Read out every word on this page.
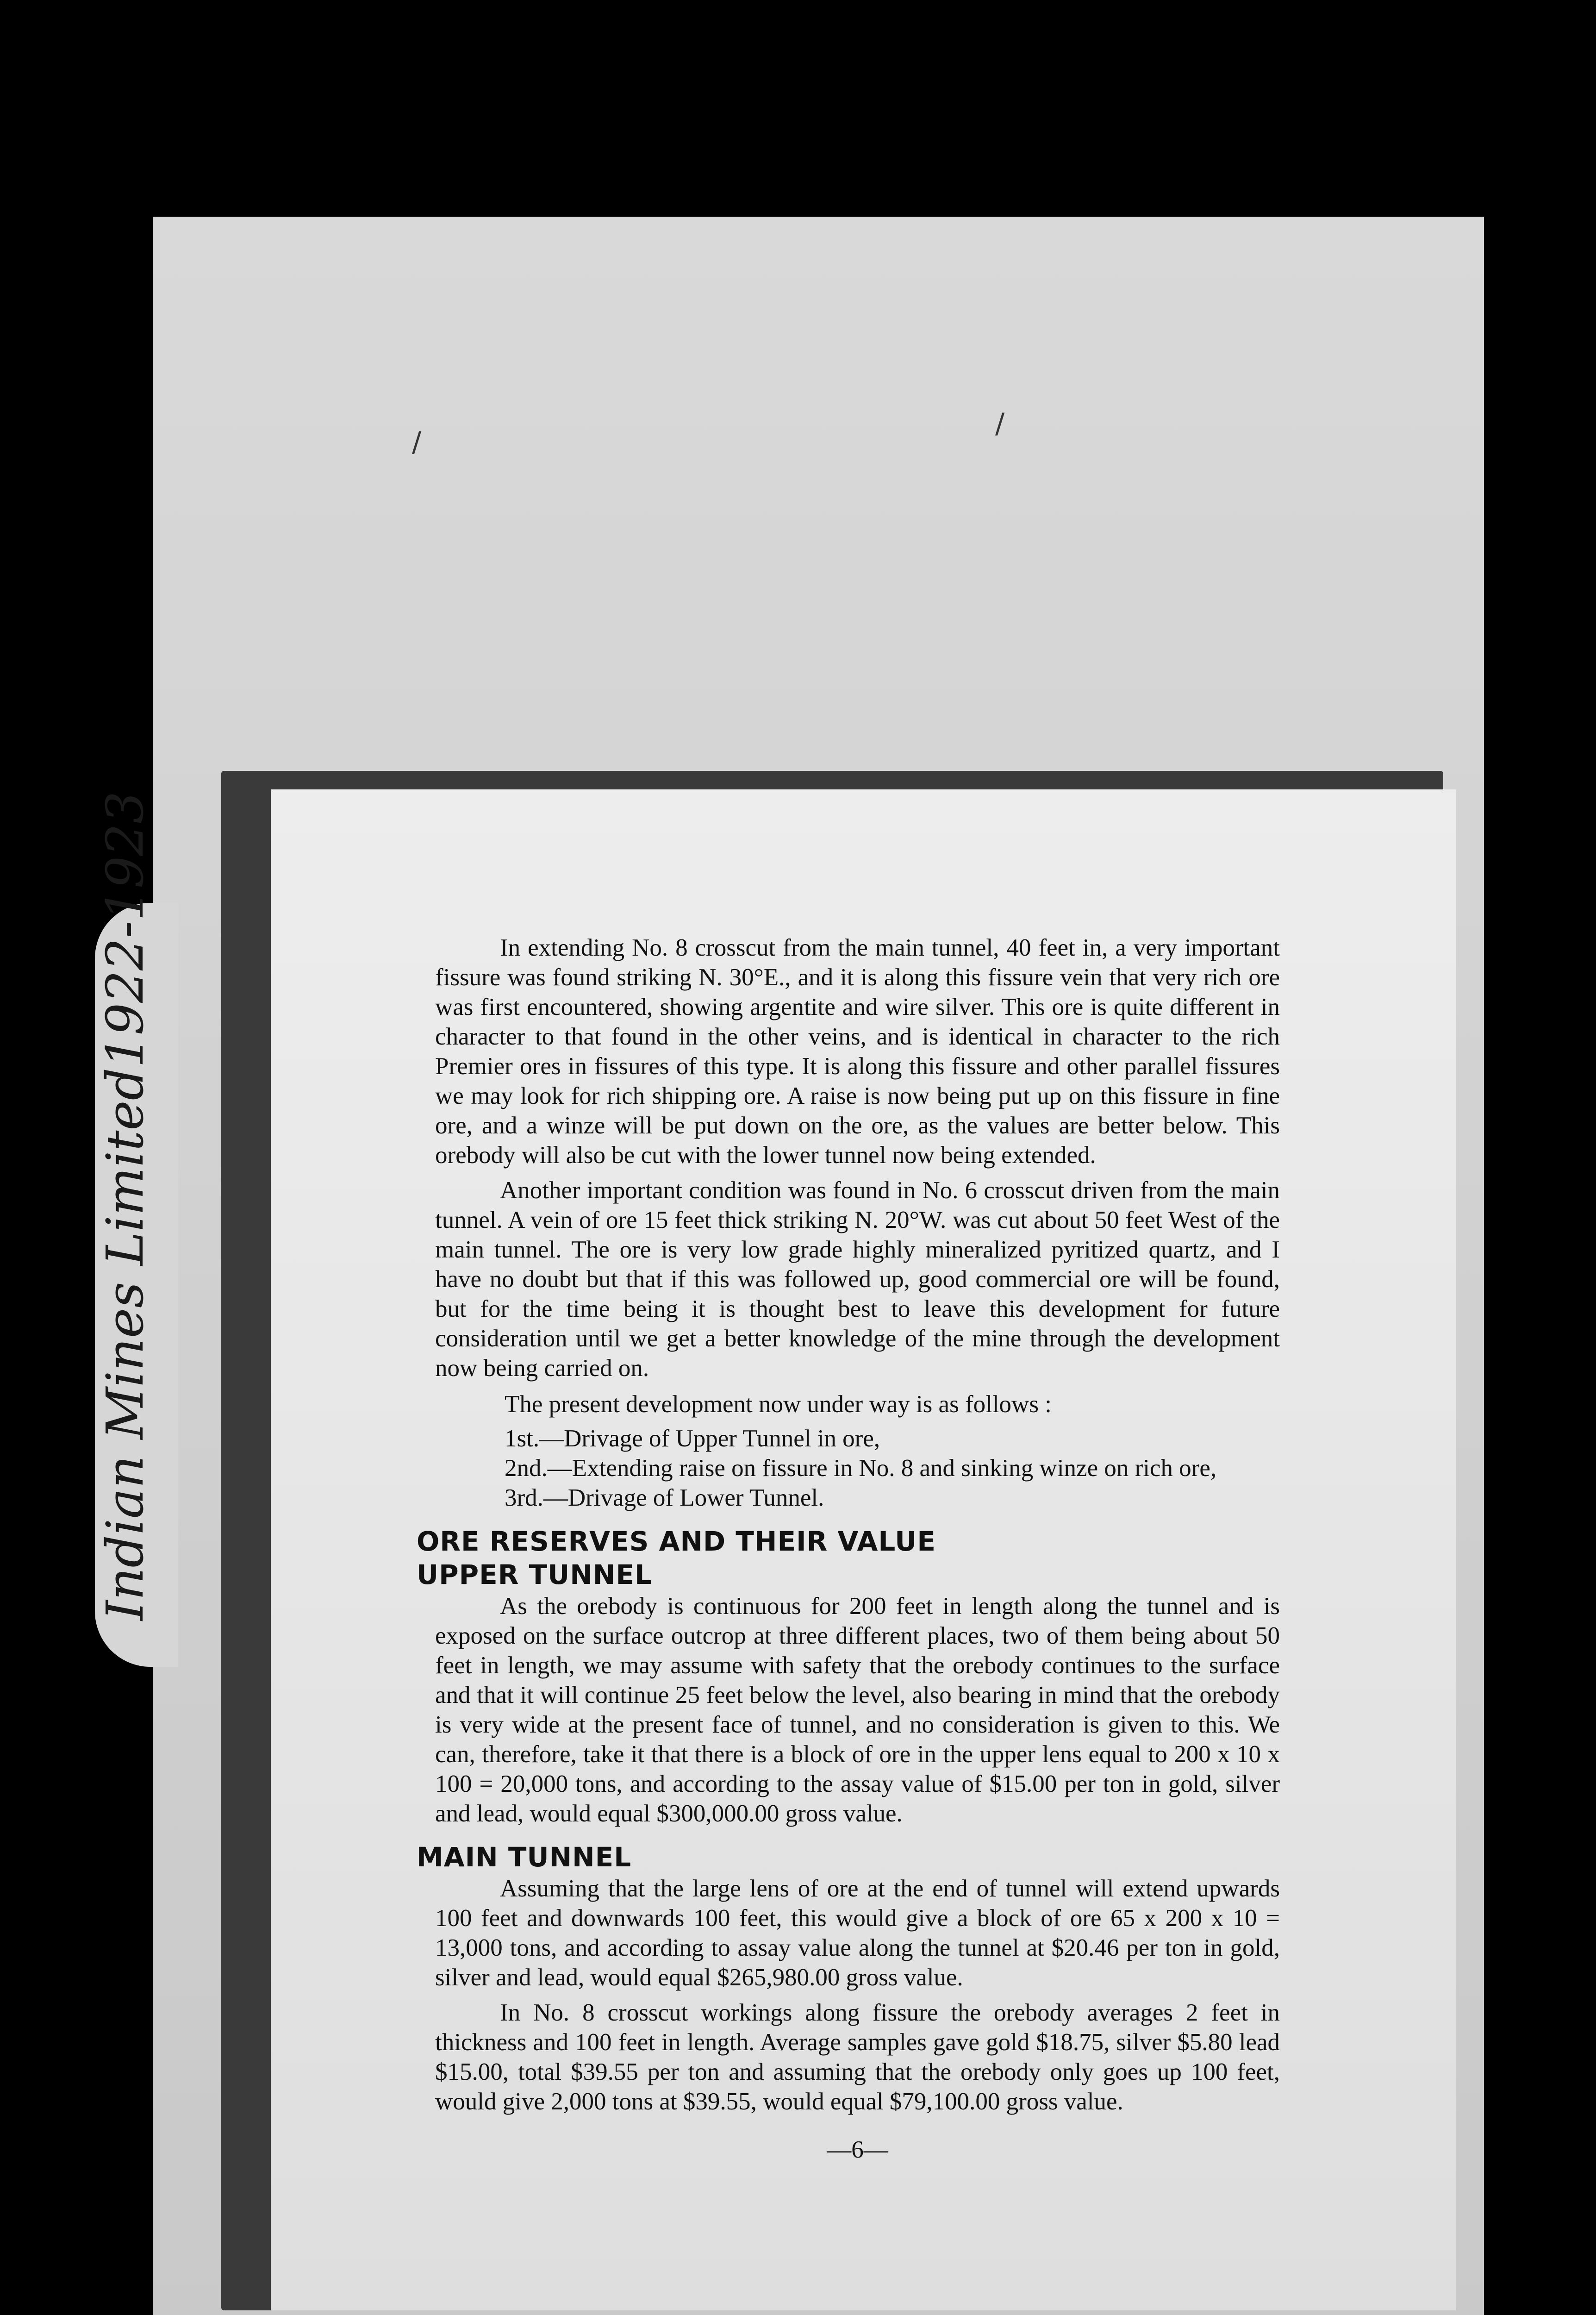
/
/
Indian Mines Limited
1922-1923	In extending No. 8 crosscut from the main tunnel, 40 feet in, a very important fissure was found striking N. 30°E., and it is along this fissure vein that very rich ore was first encountered, showing argentite and wire silver. This ore is quite different in character to that found in the other veins, and is identical in character to the rich Premier ores in fissures of this type. It is along this fissure and other parallel fissures we may look for rich shipping ore. A raise is now being put up on this fissure in fine ore, and a winze will be put down on the ore, as the values are better below. This orebody will also be cut with the lower tunnel now being extended.

Another important condition was found in No. 6 crosscut driven from the main tunnel. A vein of ore 15 feet thick striking N. 20°W. was cut about 50 feet West of the main tunnel. The ore is very low grade highly mineralized pyritized quartz, and I have no doubt but that if this was followed up, good commercial ore will be found, but for the time being it is thought best to leave this development for future consideration until we get a better knowledge of the mine through the development now being carried on.

The present development now under way is as follows :

1st.—Drivage of Upper Tunnel in ore,

2nd.—Extending raise on fissure in No. 8 and sinking winze on rich ore,

3rd.—Drivage of Lower Tunnel.

ORE RESERVES AND THEIR VALUE
UPPER TUNNEL

As the orebody is continuous for 200 feet in length along the tunnel and is exposed on the surface outcrop at three different places, two of them being about 50 feet in length, we may assume with safety that the orebody continues to the surface and that it will continue 25 feet below the level, also bearing in mind that the orebody is very wide at the present face of tunnel, and no consideration is given to this. We can, therefore, take it that there is a block of ore in the upper lens equal to 200 x 10 x 100 = 20,000 tons, and according to the assay value of $15.00 per ton in gold, silver and lead, would equal $300,000.00 gross value.

MAIN TUNNEL

Assuming that the large lens of ore at the end of tunnel will extend upwards 100 feet and downwards 100 feet, this would give a block of ore 65 x 200 x 10 = 13,000 tons, and according to assay value along the tunnel at $20.46 per ton in gold, silver and lead, would equal $265,980.00 gross value.

In No. 8 crosscut workings along fissure the orebody averages 2 feet in thickness and 100 feet in length. Average samples gave gold $18.75, silver $5.80 lead $15.00, total $39.55 per ton and assuming that the orebody only goes up 100 feet, would give 2,000 tons at $39.55, would equal $79,100.00 gross value.

—6—
